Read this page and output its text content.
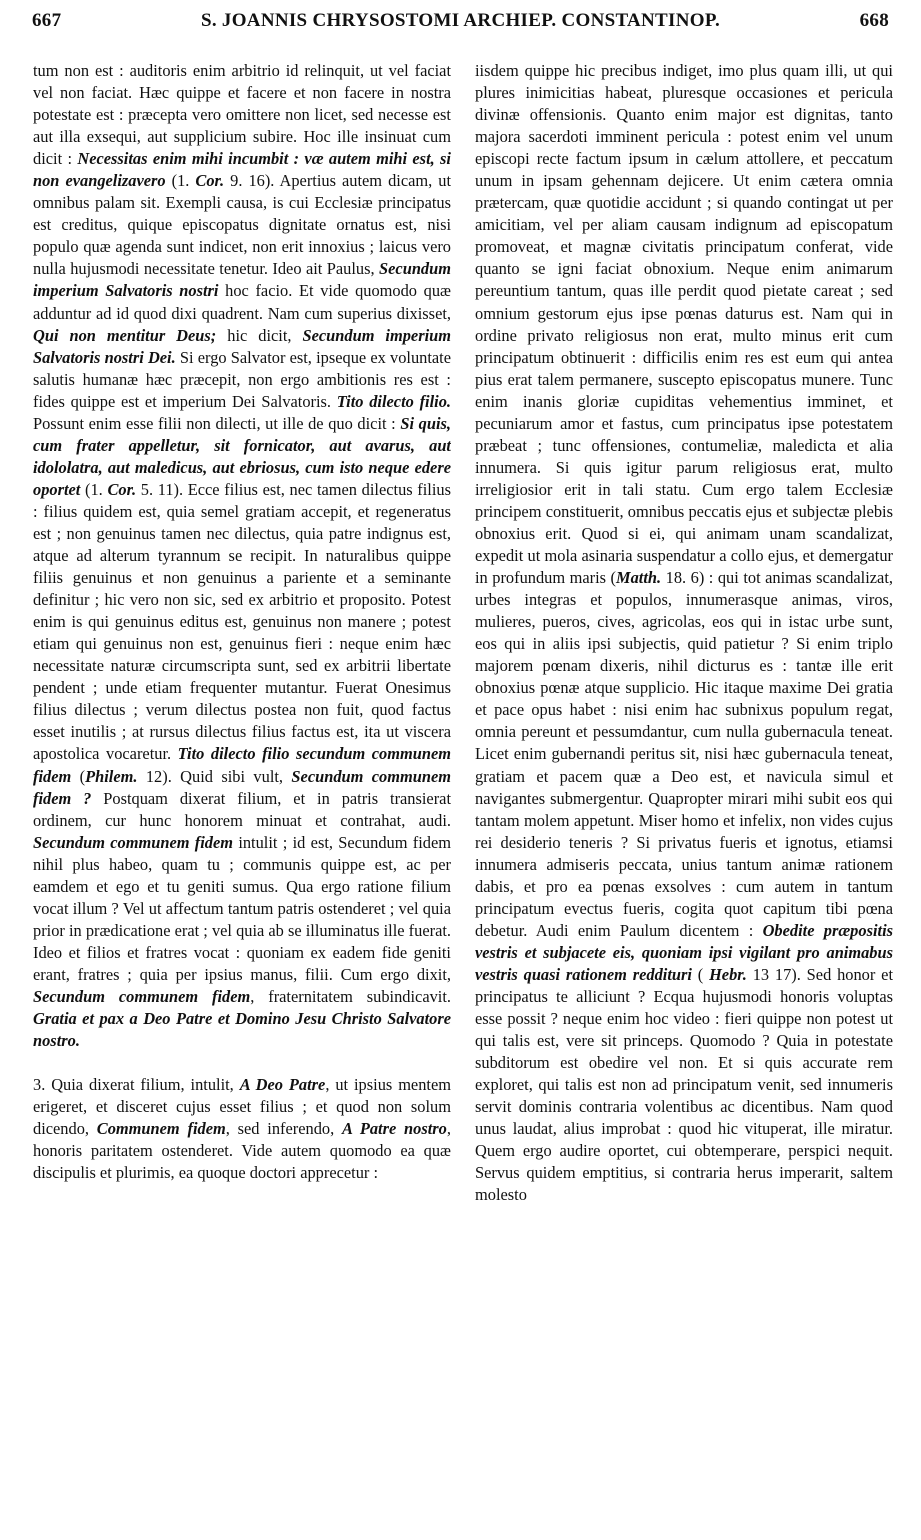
667	S. JOANNIS CHRYSOSTOMI ARCHIEP. CONSTANTINOP.	668

tum non est : auditoris enim arbitrio id relinquit, ut vel faciat vel non faciat. Hæc quippe et facere et non facere in nostra potestate est : præcepta vero omittere non licet, sed necesse est aut illa exsequi, aut supplicium subire. Hoc ille insinuat cum dicit : Necessitas enim mihi incumbit : væ autem mihi est, si non evangelizavero (1. Cor. 9. 16). Apertius autem dicam, ut omnibus palam sit. Exempli causa, is cui Ecclesiæ principatus est creditus, quique episcopatus dignitate ornatus est, nisi populo quæ agenda sunt indicet, non erit innoxius ; laicus vero nulla hujusmodi necessitate tenetur. Ideo ait Paulus, Secundum imperium Salvatoris nostri hoc facio. Et vide quomodo quæ adduntur ad id quod dixi quadrent. Nam cum superius dixisset, Qui non mentitur Deus; hic dicit, Secundum imperium Salvatoris nostri Dei. Si ergo Salvator est, ipseque ex voluntate salutis humanæ hæc præcepit, non ergo ambitionis res est : fides quippe est et imperium Dei Salvatoris. Tito dilecto filio. Possunt enim esse filii non dilecti, ut ille de quo dicit : Si quis, cum frater appelletur, sit fornicator, aut avarus, aut idololatra, aut maledicus, aut ebriosus, cum isto neque edere oportet (1. Cor. 5. 11). Ecce filius est, nec tamen dilectus filius : filius quidem est, quia semel gratiam accepit, et regeneratus est ; non genuinus tamen nec dilectus, quia patre indignus est, atque ad alterum tyrannum se recipit. In naturalibus quippe filiis genuinus et non genuinus a pariente et a seminante definitur ; hic vero non sic, sed ex arbitrio et proposito. Potest enim is qui genuinus editus est, genuinus non manere ; potest etiam qui genuinus non est, genuinus fieri : neque enim hæc necessitate naturæ circumscripta sunt, sed ex arbitrii libertate pendent ; unde etiam frequenter mutantur. Fuerat Onesimus filius dilectus ; verum dilectus postea non fuit, quod factus esset inutilis ; at rursus dilectus filius factus est, ita ut viscera apostolica vocaretur. Tito dilecto filio secundum communem fidem (Philem. 12). Quid sibi vult, Secundum communem fidem ? Postquam dixerat filium, et in patris transierat ordinem, cur hunc honorem minuat et contrahat, audi. Secundum communem fidem intulit ; id est, Secundum fidem nihil plus habeo, quam tu ; communis quippe est, ac per eamdem et ego et tu geniti sumus. Qua ergo ratione filium vocat illum ? Vel ut affectum tantum patris ostenderet ; vel quia prior in prædicatione erat ; vel quia ab se illuminatus ille fuerat. Ideo et filios et fratres vocat : quoniam ex eadem fide geniti erant, fratres ; quia per ipsius manus, filii. Cum ergo dixit, Secundum communem fidem, fraternitatem subindicavit. Gratia et pax a Deo Patre et Domino Jesu Christo Salvatore nostro.

3. Quia dixerat filium, intulit, A Deo Patre, ut ipsius mentem erigeret, et disceret cujus esset filius ; et quod non solum dicendo, Communem fidem, sed inferendo, A Patre nostro, honoris paritatem ostenderet. Vide autem quomodo ea quæ discipulis et plurimis, ea quoque doctori apprecetur :

iisdem quippe hic precibus indiget, imo plus quam illi, ut qui plures inimicitias habeat, pluresque occasiones et pericula divinæ offensionis. Quanto enim major est dignitas, tanto majora sacerdoti imminent pericula : potest enim vel unum episcopi recte factum ipsum in cælum attollere, et peccatum unum in ipsam gehennam dejicere. Ut enim cætera omnia prætercam, quæ quotidie accidunt ; si quando contingat ut per amicitiam, vel per aliam causam indignum ad episcopatum promoveat, et magnæ civitatis principatum conferat, vide quanto se igni faciat obnoxium. Neque enim animarum pereuntium tantum, quas ille perdit quod pietate careat ; sed omnium gestorum ejus ipse pœnas daturus est. Nam qui in ordine privato religiosus non erat, multo minus erit cum principatum obtinuerit : difficilis enim res est eum qui antea pius erat talem permanere, suscepto episcopatus munere. Tunc enim inanis gloriæ cupiditas vehementius imminet, et pecuniarum amor et fastus, cum principatus ipse potestatem præbeat ; tunc offensiones, contumeliæ, maledicta et alia innumera. Si quis igitur parum religiosus erat, multo irreligiosior erit in tali statu. Cum ergo talem Ecclesiæ principem constituerit, omnibus peccatis ejus et subjectæ plebis obnoxius erit. Quod si ei, qui animam unam scandalizat, expedit ut mola asinaria suspendatur a collo ejus, et demergatur in profundum maris (Matth. 18. 6) : qui tot animas scandalizat, urbes integras et populos, innumerasque animas, viros, mulieres, pueros, cives, agricolas, eos qui in istac urbe sunt, eos qui in aliis ipsi subjectis, quid patietur ? Si enim triplo majorem pœnam dixeris, nihil dicturus es : tantæ ille erit obnoxius pœnæ atque supplicio. Hic itaque maxime Dei gratia et pace opus habet : nisi enim hac subnixus populum regat, omnia pereunt et pessumdantur, cum nulla gubernacula teneat. Licet enim gubernandi peritus sit, nisi hæc gubernacula teneat, gratiam et pacem quæ a Deo est, et navicula simul et navigantes submergentur. Quapropter mirari mihi subit eos qui tantam molem appetunt. Miser homo et infelix, non vides cujus rei desiderio teneris ? Si privatus fueris et ignotus, etiamsi innumera admiseris peccata, unius tantum animæ rationem dabis, et pro ea pœnas exsolves : cum autem in tantum principatum evectus fueris, cogita quot capitum tibi pœna debetur. Audi enim Paulum dicentem : Obedite præpositis vestris et subjacete eis, quoniam ipsi vigilant pro animabus vestris quasi rationem reddituri ( Hebr. 13 17). Sed honor et principatus te alliciunt ? Ecqua hujusmodi honoris voluptas esse possit ? neque enim hoc video : fieri quippe non potest ut qui talis est, vere sit princeps. Quomodo ? Quia in potestate subditorum est obedire vel non. Et si quis accurate rem exploret, qui talis est non ad principatum venit, sed innumeris servit dominis contraria volentibus ac dicentibus. Nam quod unus laudat, alius improbat : quod hic vituperat, ille miratur. Quem ergo audire oportet, cui obtemperare, perspici nequit. Servus quidem emptitius, si contraria herus imperarit, saltem molesto
